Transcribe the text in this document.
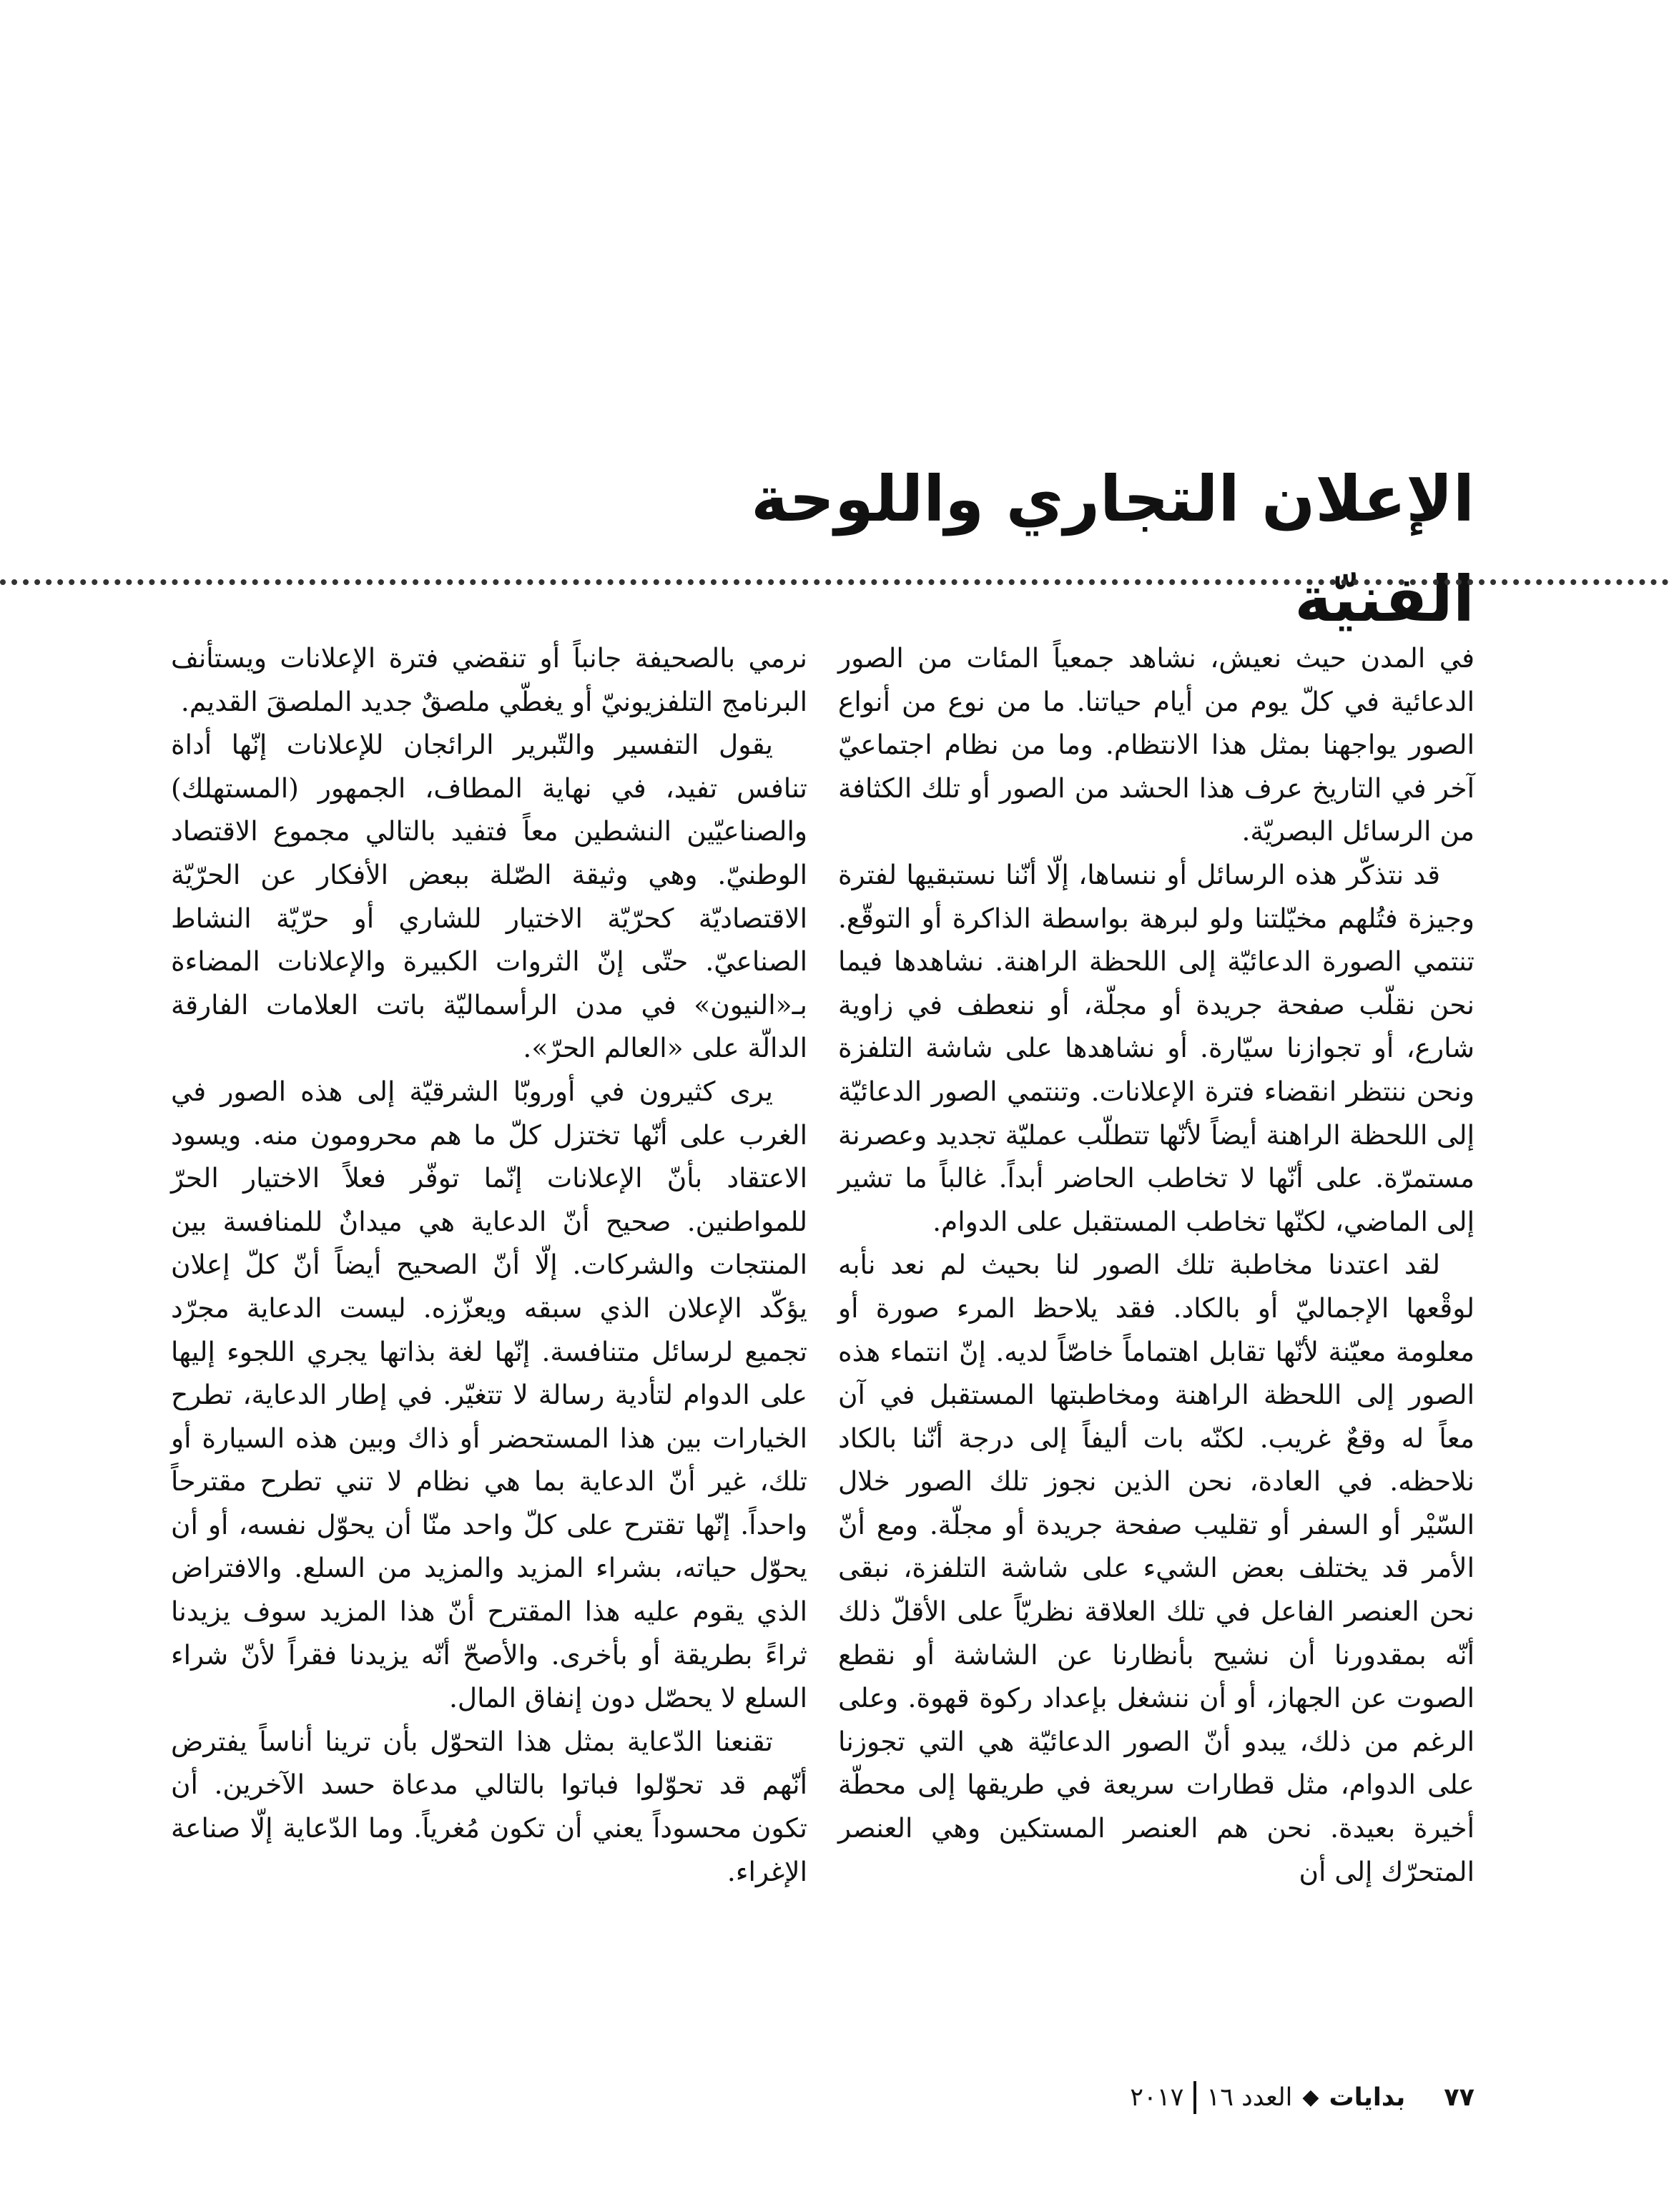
الإعلان التجاري واللوحة الفنيّة

في المدن حيث نعيش، نشاهد جمعياً المئات من الصور الدعائية في كلّ يوم من أيام حياتنا. ما من نوع من أنواع الصور يواجهنا بمثل هذا الانتظام. وما من نظام اجتماعيّ آخر في التاريخ عرف هذا الحشد من الصور أو تلك الكثافة من الرسائل البصريّة.

قد نتذكّر هذه الرسائل أو ننساها، إلّا أنّنا نستبقيها لفترة وجيزة فتُلهم مخيّلتنا ولو لبرهة بواسطة الذاكرة أو التوقّع. تنتمي الصورة الدعائيّة إلى اللحظة الراهنة. نشاهدها فيما نحن نقلّب صفحة جريدة أو مجلّة، أو ننعطف في زاوية شارع، أو تجوازنا سيّارة. أو نشاهدها على شاشة التلفزة ونحن ننتظر انقضاء فترة الإعلانات. وتنتمي الصور الدعائيّة إلى اللحظة الراهنة أيضاً لأنّها تتطلّب عمليّة تجديد وعصرنة مستمرّة. على أنّها لا تخاطب الحاضر أبداً. غالباً ما تشير إلى الماضي، لكنّها تخاطب المستقبل على الدوام.

لقد اعتدنا مخاطبة تلك الصور لنا بحيث لم نعد نأبه لوقْعها الإجماليّ أو بالكاد. فقد يلاحظ المرء صورة أو معلومة معيّنة لأنّها تقابل اهتماماً خاصّاً لديه. إنّ انتماء هذه الصور إلى اللحظة الراهنة ومخاطبتها المستقبل في آن معاً له وقعٌ غريب. لكنّه بات أليفاً إلى درجة أنّنا بالكاد نلاحظه. في العادة، نحن الذين نجوز تلك الصور خلال السّيْر أو السفر أو تقليب صفحة جريدة أو مجلّة. ومع أنّ الأمر قد يختلف بعض الشيء على شاشة التلفزة، نبقى نحن العنصر الفاعل في تلك العلاقة نظريّاً على الأقلّ ذلك أنّه بمقدورنا أن نشيح بأنظارنا عن الشاشة أو نقطع الصوت عن الجهاز، أو أن ننشغل بإعداد ركوة قهوة. وعلى الرغم من ذلك، يبدو أنّ الصور الدعائيّة هي التي تجوزنا على الدوام، مثل قطارات سريعة في طريقها إلى محطّة أخيرة بعيدة. نحن هم العنصر المستكين وهي العنصر المتحرّك إلى أن

نرمي بالصحيفة جانباً أو تنقضي فترة الإعلانات ويستأنف البرنامج التلفزيونيّ أو يغطّي ملصقٌ جديد الملصقَ القديم.

يقول التفسير والتّبرير الرائجان للإعلانات إنّها أداة تنافس تفيد، في نهاية المطاف، الجمهور (المستهلك) والصناعيّين النشطين معاً فتفيد بالتالي مجموع الاقتصاد الوطنيّ. وهي وثيقة الصّلة ببعض الأفكار عن الحرّيّة الاقتصاديّة كحرّيّة الاختيار للشاري أو حرّيّة النشاط الصناعيّ. حتّى إنّ الثروات الكبيرة والإعلانات المضاءة بـ«النيون» في مدن الرأسماليّة باتت العلامات الفارقة الدالّة على «العالم الحرّ».

يرى كثيرون في أوروبّا الشرقيّة إلى هذه الصور في الغرب على أنّها تختزل كلّ ما هم محرومون منه. ويسود الاعتقاد بأنّ الإعلانات إنّما توفّر فعلاً الاختيار الحرّ للمواطنين. صحيح أنّ الدعاية هي ميدانٌ للمنافسة بين المنتجات والشركات. إلّا أنّ الصحيح أيضاً أنّ كلّ إعلان يؤكّد الإعلان الذي سبقه ويعزّزه. ليست الدعاية مجرّد تجميع لرسائل متنافسة. إنّها لغة بذاتها يجري اللجوء إليها على الدوام لتأدية رسالة لا تتغيّر. في إطار الدعاية، تطرح الخيارات بين هذا المستحضر أو ذاك وبين هذه السيارة أو تلك، غير أنّ الدعاية بما هي نظام لا تني تطرح مقترحاً واحداً. إنّها تقترح على كلّ واحد منّا أن يحوّل نفسه، أو أن يحوّل حياته، بشراء المزيد والمزيد من السلع. والافتراض الذي يقوم عليه هذا المقترح أنّ هذا المزيد سوف يزيدنا ثراءً بطريقة أو بأخرى. والأصحّ أنّه يزيدنا فقراً لأنّ شراء السلع لا يحصّل دون إنفاق المال.

تقنعنا الدّعاية بمثل هذا التحوّل بأن ترينا أناساً يفترض أنّهم قد تحوّلوا فباتوا بالتالي مدعاة حسد الآخرين. أن تكون محسوداً يعني أن تكون مُغرياً. وما الدّعاية إلّا صناعة الإغراء.

٧٧
بدايات
◆
العدد ١٦
٢٠١٧
